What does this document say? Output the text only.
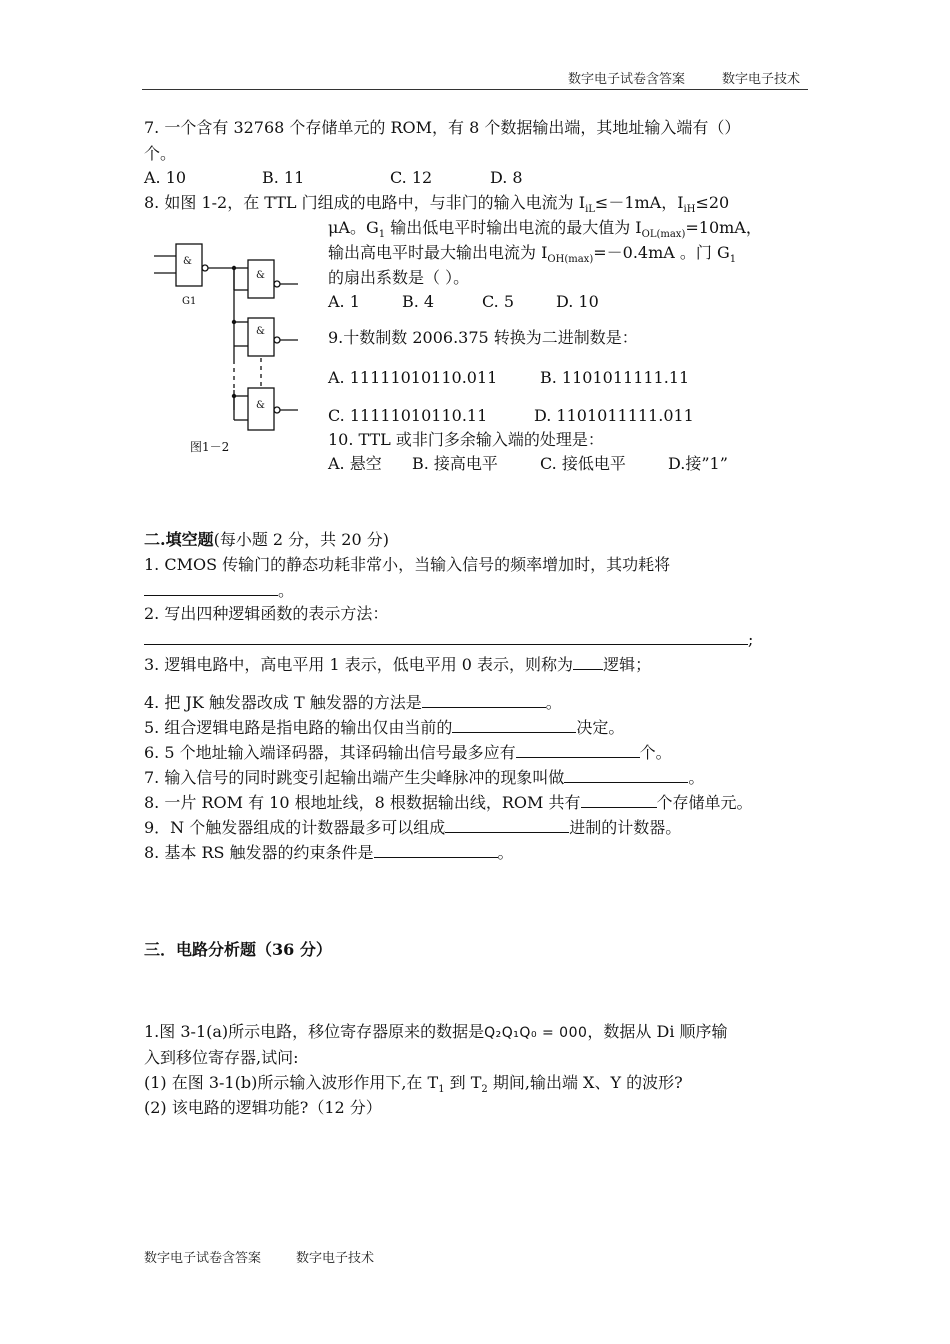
数字电子试卷含答案	数字电子技术
7. 一个含有 32768 个存储单元的 ROM，有 8 个数据输出端，其地址输入端有（）
个。
A. 10	B. 11	C. 12	D. 8
8. 如图 1-2，在 TTL 门组成的电路中，与非门的输入电流为 $I_{iL}\le-1mA$，$I_{iH}\le 20$
μA。$G_1$ 输出低电平时输出电流的最大值为 $I_{OL(max)}=10mA$，
输出高电平时最大输出电流为 $I_{OH(max)}=-0.4mA$ 。门 $G_1$
的扇出系数是（ ）。
A. 1	B. 4	C. 5	D. 10
&
&
&
&
G1
图1－2
9.十数制数 2006.375 转换为二进制数是：
A. 11111010110.011	B. 1101011111.11
C. 11111010110.11	D. 1101011111.011
10. TTL 或非门多余输入端的处理是：
A. 悬空 B. 接高电平	C. 接低电平	D.接”1”
二.填空题(每小题 2 分，共 20 分)
1. CMOS 传输门的静态功耗非常小，当输入信号的频率增加时，其功耗将
。
2. 写出四种逻辑函数的表示方法：
;
3. 逻辑电路中，高电平用 1 表示，低电平用 0 表示，则称为 逻辑；
4. 把 JK 触发器改成 T 触发器的方法是	。
5. 组合逻辑电路是指电路的输出仅由当前的	决定。
6. 5 个地址输入端译码器，其译码输出信号最多应有	个。
7. 输入信号的同时跳变引起输出端产生尖峰脉冲的现象叫做	。
8. 一片 ROM 有 10 根地址线，8 根数据输出线，ROM 共有	个存储单元。
9．N 个触发器组成的计数器最多可以组成	进制的计数器。
8. 基本 RS 触发器的约束条件是	。
三．电路分析题（36 分）
1.图 3-1(a)所示电路，移位寄存器原来的数据是Q₂Q₁Q₀ = 000，数据从 Di 顺序输
入到移位寄存器,试问:
(1) 在图 3-1(b)所示输入波形作用下,在 $T_1$ 到 $T_2$ 期间,输出端 X、Y 的波形?
(2) 该电路的逻辑功能?（12 分）
数字电子试卷含答案	数字电子技术
